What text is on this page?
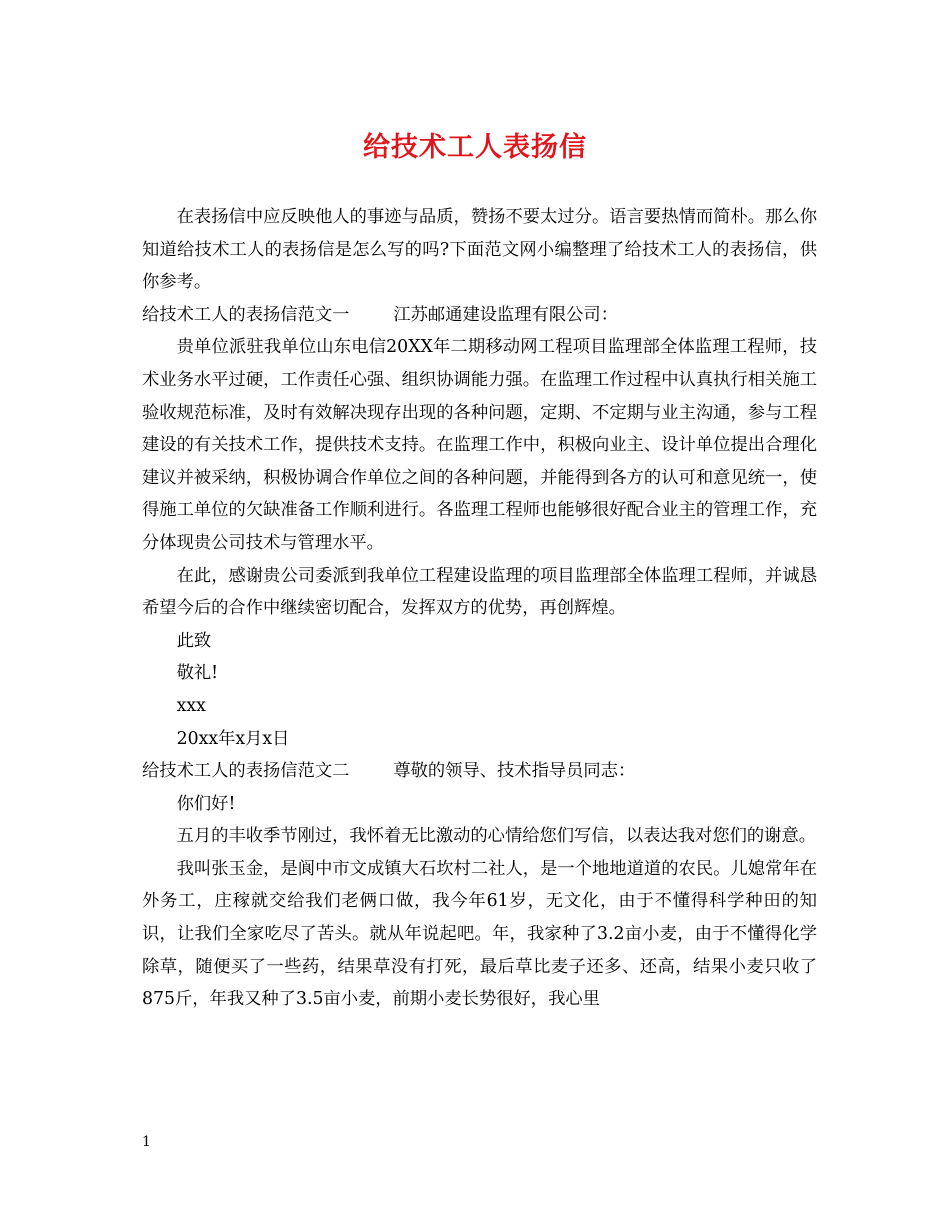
给技术工人表扬信

在表扬信中应反映他人的事迹与品质，赞扬不要太过分。语言要热情而简朴。那么你知道给技术工人的表扬信是怎么写的吗?下面范文网小编整理了给技术工人的表扬信，供你参考。

给技术工人的表扬信范文一        江苏邮通建设监理有限公司：

贵单位派驻我单位山东电信20XX年二期移动网工程项目监理部全体监理工程师，技术业务水平过硬，工作责任心强、组织协调能力强。在监理工作过程中认真执行相关施工验收规范标准，及时有效解决现存出现的各种问题，定期、不定期与业主沟通，参与工程建设的有关技术工作，提供技术支持。在监理工作中，积极向业主、设计单位提出合理化建议并被采纳，积极协调合作单位之间的各种问题，并能得到各方的认可和意见统一，使得施工单位的欠缺准备工作顺利进行。各监理工程师也能够很好配合业主的管理工作，充分体现贵公司技术与管理水平。

在此，感谢贵公司委派到我单位工程建设监理的项目监理部全体监理工程师，并诚恳希望今后的合作中继续密切配合，发挥双方的优势，再创辉煌。

此致

敬礼!

xxx

20xx年x月x日

给技术工人的表扬信范文二        尊敬的领导、技术指导员同志：

你们好!

五月的丰收季节刚过，我怀着无比激动的心情给您们写信，以表达我对您们的谢意。

我叫张玉金，是阆中市文成镇大石坎村二社人，是一个地地道道的农民。儿媳常年在外务工，庄稼就交给我们老俩口做，我今年61岁，无文化，由于不懂得科学种田的知识，让我们全家吃尽了苦头。就从年说起吧。年，我家种了3.2亩小麦，由于不懂得化学除草，随便买了一些药，结果草没有打死，最后草比麦子还多、还高，结果小麦只收了875斤，年我又种了3.5亩小麦，前期小麦长势很好，我心里

1
